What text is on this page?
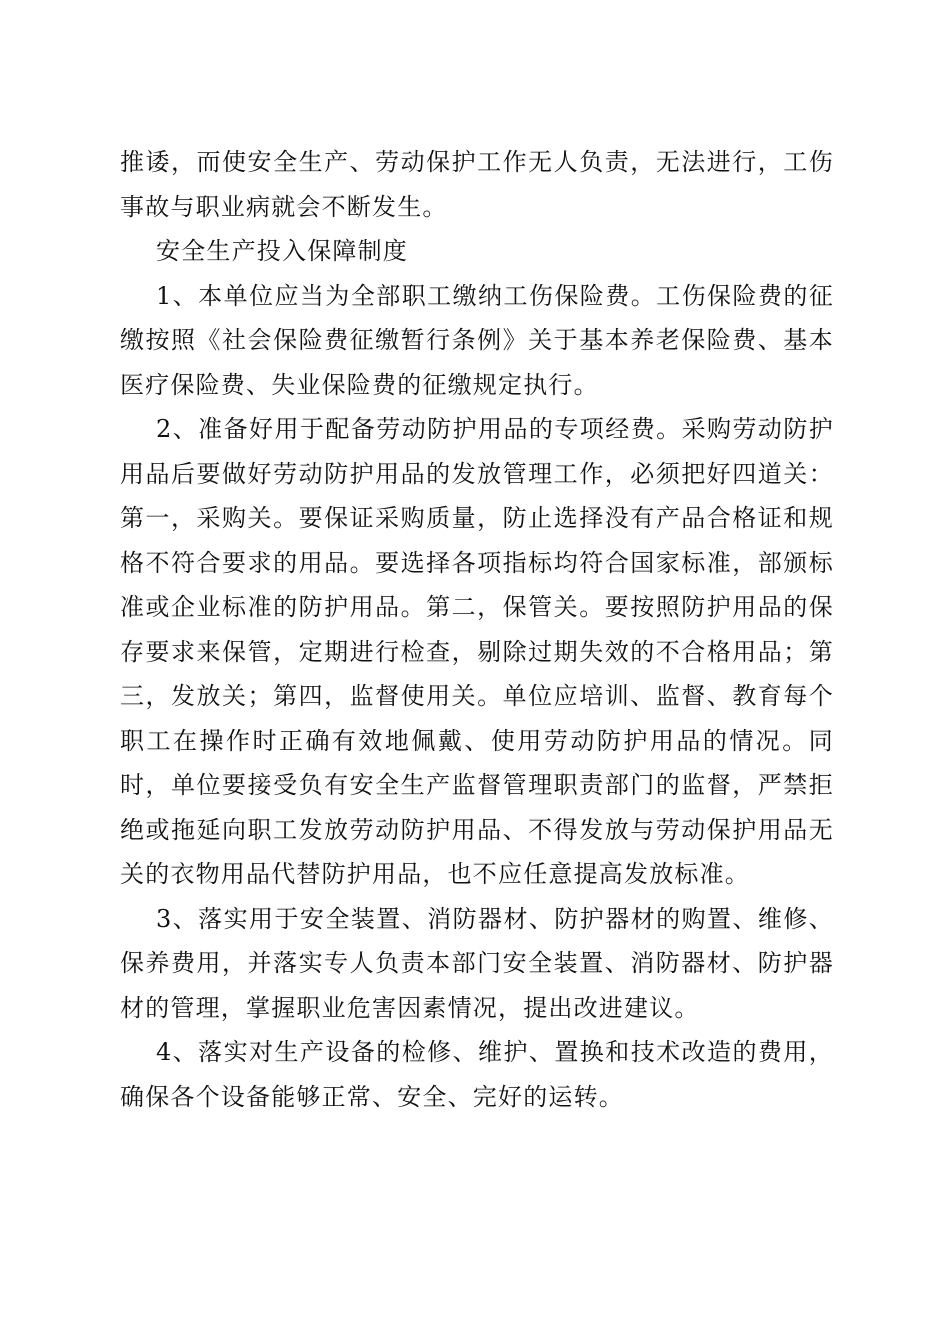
推诿，而使安全生产、劳动保护工作无人负责，无法进行，工伤事故与职业病就会不断发生。

安全生产投入保障制度

1、本单位应当为全部职工缴纳工伤保险费。工伤保险费的征缴按照《社会保险费征缴暂行条例》关于基本养老保险费、基本医疗保险费、失业保险费的征缴规定执行。

2、准备好用于配备劳动防护用品的专项经费。采购劳动防护用品后要做好劳动防护用品的发放管理工作，必须把好四道关：第一，采购关。要保证采购质量，防止选择没有产品合格证和规格不符合要求的用品。要选择各项指标均符合国家标准，部颁标准或企业标准的防护用品。第二，保管关。要按照防护用品的保存要求来保管，定期进行检查，剔除过期失效的不合格用品；第三，发放关；第四，监督使用关。单位应培训、监督、教育每个职工在操作时正确有效地佩戴、使用劳动防护用品的情况。同时，单位要接受负有安全生产监督管理职责部门的监督，严禁拒绝或拖延向职工发放劳动防护用品、不得发放与劳动保护用品无关的衣物用品代替防护用品，也不应任意提高发放标准。

3、落实用于安全装置、消防器材、防护器材的购置、维修、保养费用，并落实专人负责本部门安全装置、消防器材、防护器材的管理，掌握职业危害因素情况，提出改进建议。

4、落实对生产设备的检修、维护、置换和技术改造的费用，确保各个设备能够正常、安全、完好的运转。
